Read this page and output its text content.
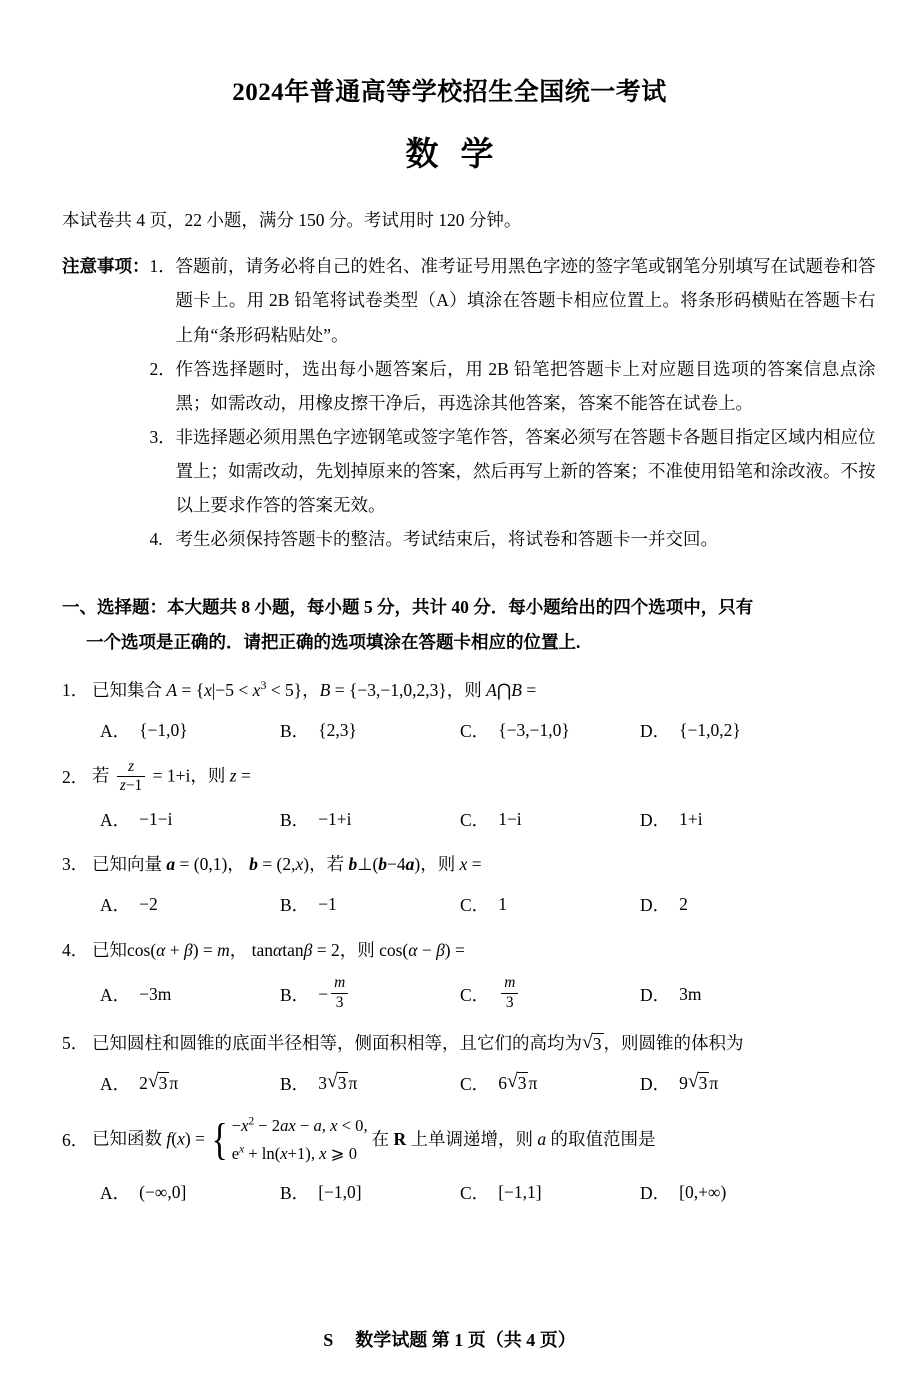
2024年普通高等学校招生全国统一考试
数学
本试卷共 4 页，22 小题，满分 150 分。考试用时 120 分钟。
注意事项： 1． 答题前，请务必将自己的姓名、准考证号用黑色字迹的签字笔或钢笔分别填写在试题卷和答题卡上。用 2B 铅笔将试卷类型（A）填涂在答题卡相应位置上。将条形码横贴在答题卡右上角“条形码粘贴处”。
2． 作答选择题时，选出每小题答案后，用 2B 铅笔把答题卡上对应题目选项的答案信息点涂黑；如需改动，用橡皮擦干净后，再选涂其他答案，答案不能答在试卷上。
3． 非选择题必须用黑色字迹钢笔或签字笔作答，答案必须写在答题卡各题目指定区域内相应位置上；如需改动，先划掉原来的答案，然后再写上新的答案；不准使用铅笔和涂改液。不按以上要求作答的答案无效。
4. 考生必须保持答题卡的整洁。考试结束后，将试卷和答题卡一并交回。
一、选择题：本大题共 8 小题，每小题 5 分，共计 40 分．每小题给出的四个选项中，只有
一个选项是正确的．请把正确的选项填涂在答题卡相应的位置上.
1． 已知集合 $A = \{x|-5 < x^3 < 5\}$，B = {−3,−1,0,2,3}，则 A⋂B =
A． {−1,0}	B． {2,3}	C． {−3,−1,0}	D． {−1,0,2}
2． 若 $\frac{z}{z-1} = 1+i$，则 z =
A． −1−i	B． −1+i	C． 1−i	D． 1+i
3． 已知向量 a = (0,1)， b = (2,x)，若 b⊥(b−4a)，则 x =
A． −2	B． −1	C． 1	D． 2
4． 已知cos(α + β) = m， tanαtanβ = 2，则 cos(α − β) =
A． −3m	B． − $\frac{m}{3}$	C． $\frac{m}{3}$	D． 3m
5． 已知圆柱和圆锥的底面半径相等，侧面积相等，且它们的高均为 √ 3 ，则圆锥的体积为
A． 2 √ 3 π	B． 3 √ 3 π	C． 6 √ 3 π	D． 9 √ 3 π
6． 已知函数 f(x) = { $-x^2 - 2ax - a$, x < 0,
$e^x + \ln(x+1)$, x ⩾ 0
在 R 上单调递增，则 a 的取值范围是
A． (−∞,0]	B． [−1,0]	C． [−1,1]	D． [0,+∞)
S 数学试题 第 1 页（共 4 页）
